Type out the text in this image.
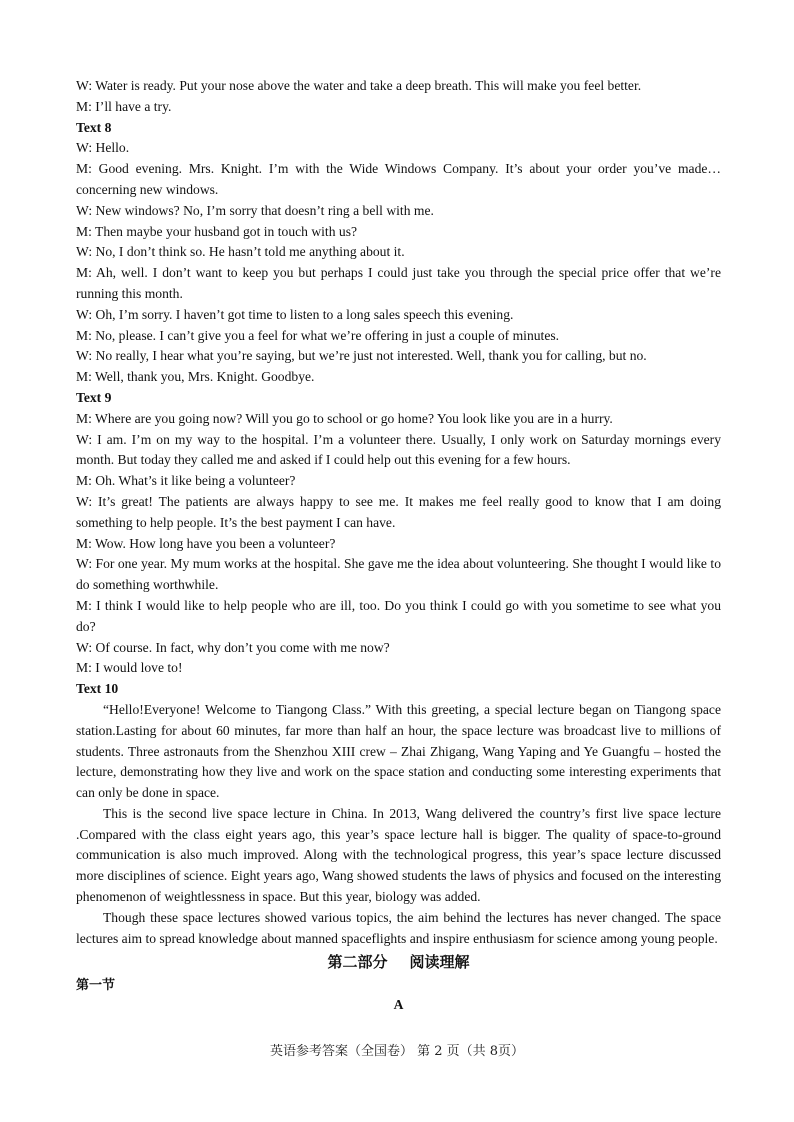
W: Water is ready. Put your nose above the water and take a deep breath. This will make you feel better.

M: I’ll have a try.

Text 8

W: Hello.

M: Good evening. Mrs. Knight. I’m with the Wide Windows Company. It’s about your order you’ve made… concerning new windows.

W: New windows? No, I’m sorry that doesn’t ring a bell with me.

M: Then maybe your husband got in touch with us?

W: No, I don’t think so. He hasn’t told me anything about it.

M: Ah, well. I don’t want to keep you but perhaps I could just take you through the special price offer that we’re running this month.

W: Oh, I’m sorry. I haven’t got time to listen to a long sales speech this evening.

M: No, please. I can’t give you a feel for what we’re offering in just a couple of minutes.

W: No really, I hear what you’re saying, but we’re just not interested. Well, thank you for calling, but no.

M: Well, thank you, Mrs. Knight. Goodbye.

Text 9

M: Where are you going now? Will you go to school or go home? You look like you are in a hurry.

W: I am. I’m on my way to the hospital. I’m a volunteer there. Usually, I only work on Saturday mornings every month. But today they called me and asked if I could help out this evening for a few hours.

M: Oh. What’s it like being a volunteer?

W: It’s great! The patients are always happy to see me. It makes me feel really good to know that I am doing something to help people. It’s the best payment I can have.

M: Wow. How long have you been a volunteer?

W: For one year. My mum works at the hospital. She gave me the idea about volunteering. She thought I would like to do something worthwhile.

M: I think I would like to help people who are ill, too. Do you think I could go with you sometime to see what you do?

W: Of course. In fact, why don’t you come with me now?

M: I would love to!

Text 10

“Hello!Everyone! Welcome to Tiangong Class.” With this greeting, a special lecture began on Tiangong space station.Lasting for about 60 minutes, far more than half an hour, the space lecture was broadcast live to millions of students. Three astronauts from the Shenzhou XIII crew – Zhai Zhigang, Wang Yaping and Ye Guangfu – hosted the lecture, demonstrating how they live and work on the space station and conducting some interesting experiments that can only be done in space.

This is the second live space lecture in China. In 2013, Wang delivered the country’s first live space lecture .Compared with the class eight years ago, this year’s space lecture hall is bigger. The quality of space-to-ground communication is also much improved. Along with the technological progress, this year’s space lecture discussed more disciplines of science. Eight years ago, Wang showed students the laws of physics and focused on the interesting phenomenon of weightlessness in space. But this year, biology was added.

Though these space lectures showed various topics, the aim behind the lectures has never changed. The space lectures aim to spread knowledge about manned spaceflights and inspire enthusiasm for science among young people.

第二部分 阅读理解

第一节

A

英语参考答案（全国卷） 第 2 页（共 8页）
